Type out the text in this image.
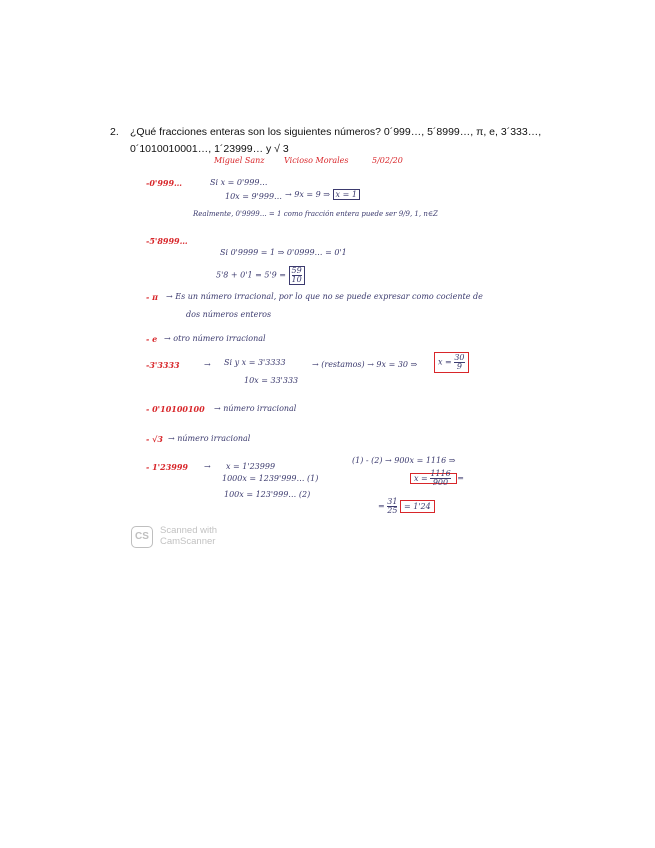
2. ¿Qué fracciones enteras son los siguientes números? 0´999…, 5´8999…, π, e, 3´333…,
0´1010010001…, 1´23999… y √ 3
Miguel Sanz Vicioso Morales	5/02/20
-0'999…	Si x = 0'999…
10x = 9'999… → 9x = 9 ⇒ x = 1
Realmente, 0'9999… = 1 como fracción entera puede ser 9/9, 1, n∈Z
-5'8999…
Si 0'9999 = 1 ⇒ 0'0999… = 0'1
$5'8 + 0'1 = 5'9 = \frac{59}{10}$
- π → Es un número irracional, por lo que no se puede expresar como cociente de
dos números enteros
- e → otro número irracional
-3'3333	→ Si y x = 3'3333
10x = 33'333
→ (restamos) → 9x = 30 ⇒	$x = \frac{30}{9}$
- 0'10100100 → número irracional
- √3 → número irracional
- 1'23999 → x = 1'23999
1000x = 1239'999… (1)
100x = 123'999… (2)
(1) - (2) → 900x = 1116 ⇒
$x = \frac{1116}{900}$ =
= $\frac{31}{25} = 1'24$
CS
Scanned with
CamScanner
